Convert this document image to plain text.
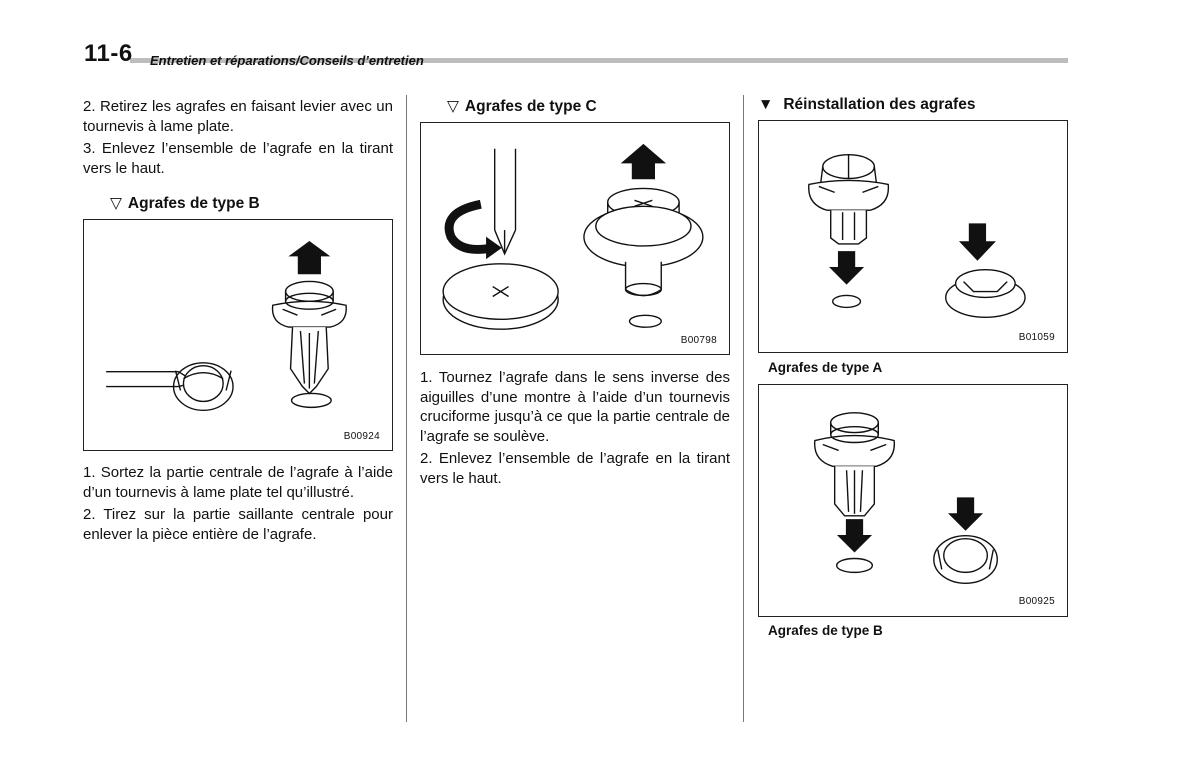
11-6 Entretien et réparations/Conseils d’entretien

2. Retirez les agrafes en faisant levier avec un tournevis à lame plate.

3. Enlevez l’ensemble de l’agrafe en la tirant vers le haut.

▽ Agrafes de type B
B00924

1. Sortez la partie centrale de l’agrafe à l’aide d’un tournevis à lame plate tel qu’illustré.

2. Tirez sur la partie saillante centrale pour enlever la pièce entière de l’agrafe.

▽ Agrafes de type C
B00798

1. Tournez l’agrafe dans le sens inverse des aiguilles d’une montre à l’aide d’un tournevis cruciforme jusqu’à ce que la partie centrale de l’agrafe se soulève.

2. Enlevez l’ensemble de l’agrafe en la tirant vers le haut.

▼ Réinstallation des agrafes
B01059
Agrafes de type A
B00925
Agrafes de type B
